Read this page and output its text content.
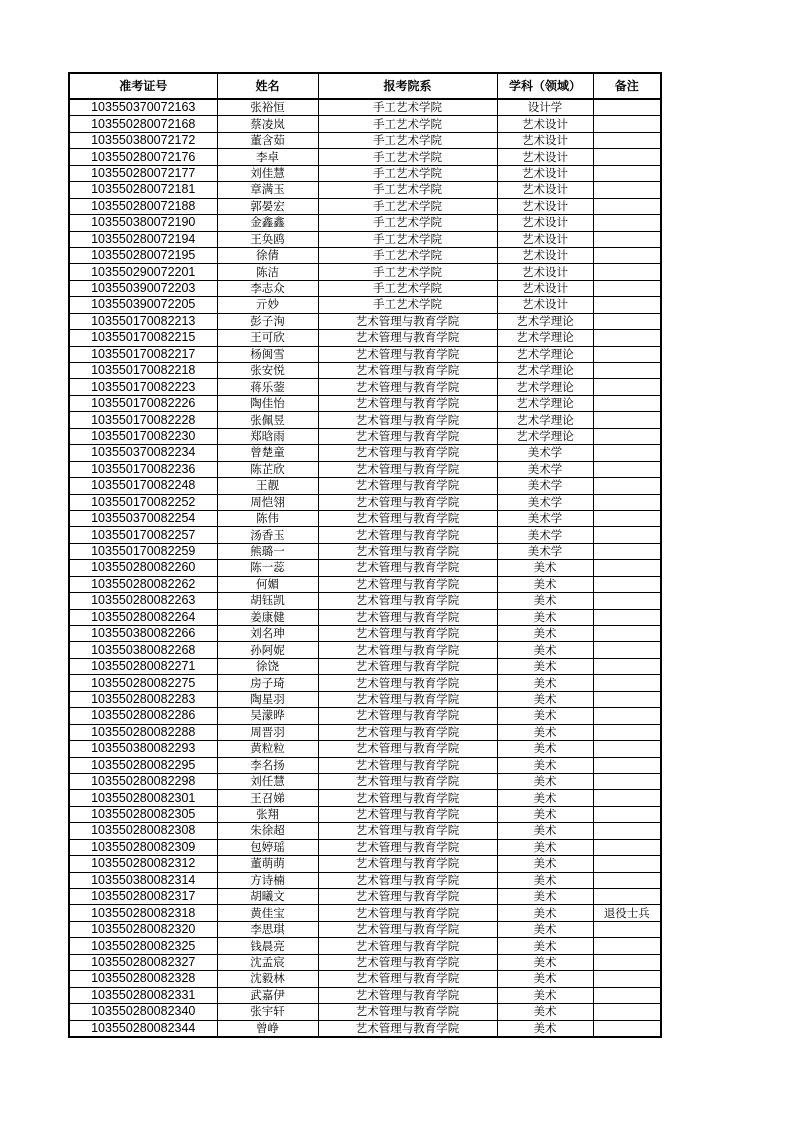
准考证号	姓名	报考院系	学科（领域）	备注
103550370072163	张裕恒	手工艺术学院	设计学	
103550280072168	蔡凌岚	手工艺术学院	艺术设计	
103550380072172	董含茹	手工艺术学院	艺术设计	
103550280072176	李卓	手工艺术学院	艺术设计	
103550280072177	刘佳慧	手工艺术学院	艺术设计	
103550280072181	章满玉	手工艺术学院	艺术设计	
103550280072188	郭晏宏	手工艺术学院	艺术设计	
103550380072190	金鑫鑫	手工艺术学院	艺术设计	
103550280072194	王奂鸥	手工艺术学院	艺术设计	
103550280072195	徐倩	手工艺术学院	艺术设计	
103550290072201	陈洁	手工艺术学院	艺术设计	
103550390072203	李志众	手工艺术学院	艺术设计	
103550390072205	亓妙	手工艺术学院	艺术设计	
103550170082213	彭子洵	艺术管理与教育学院	艺术学理论	
103550170082215	王可欣	艺术管理与教育学院	艺术学理论	
103550170082217	杨闽雪	艺术管理与教育学院	艺术学理论	
103550170082218	张安悦	艺术管理与教育学院	艺术学理论	
103550170082223	蒋乐蓥	艺术管理与教育学院	艺术学理论	
103550170082226	陶佳怡	艺术管理与教育学院	艺术学理论	
103550170082228	张佩昱	艺术管理与教育学院	艺术学理论	
103550170082230	郑晗雨	艺术管理与教育学院	艺术学理论	
103550370082234	曾楚童	艺术管理与教育学院	美术学	
103550170082236	陈芷欣	艺术管理与教育学院	美术学	
103550170082248	王靓	艺术管理与教育学院	美术学	
103550170082252	周恺翎	艺术管理与教育学院	美术学	
103550370082254	陈伟	艺术管理与教育学院	美术学	
103550170082257	汤香玉	艺术管理与教育学院	美术学	
103550170082259	熊璐一	艺术管理与教育学院	美术学	
103550280082260	陈一蕊	艺术管理与教育学院	美术	
103550280082262	何媚	艺术管理与教育学院	美术	
103550280082263	胡钰凯	艺术管理与教育学院	美术	
103550280082264	姜康健	艺术管理与教育学院	美术	
103550380082266	刘名珅	艺术管理与教育学院	美术	
103550380082268	孙阿妮	艺术管理与教育学院	美术	
103550280082271	徐饶	艺术管理与教育学院	美术	
103550280082275	房子琦	艺术管理与教育学院	美术	
103550280082283	陶星羽	艺术管理与教育学院	美术	
103550280082286	吴濛晔	艺术管理与教育学院	美术	
103550280082288	周晋羽	艺术管理与教育学院	美术	
103550380082293	黄粒粒	艺术管理与教育学院	美术	
103550280082295	李名扬	艺术管理与教育学院	美术	
103550280082298	刘任慧	艺术管理与教育学院	美术	
103550280082301	王召娣	艺术管理与教育学院	美术	
103550280082305	张翔	艺术管理与教育学院	美术	
103550280082308	朱徐超	艺术管理与教育学院	美术	
103550280082309	包婷瑶	艺术管理与教育学院	美术	
103550280082312	董萌萌	艺术管理与教育学院	美术	
103550380082314	方诗楠	艺术管理与教育学院	美术	
103550280082317	胡曦文	艺术管理与教育学院	美术	
103550280082318	黄佳宝	艺术管理与教育学院	美术	退役士兵
103550280082320	李思琪	艺术管理与教育学院	美术	
103550280082325	钱晨亮	艺术管理与教育学院	美术	
103550280082327	沈孟宸	艺术管理与教育学院	美术	
103550280082328	沈毅林	艺术管理与教育学院	美术	
103550280082331	武嘉伊	艺术管理与教育学院	美术	
103550280082340	张宇轩	艺术管理与教育学院	美术	
103550280082344	曾峥	艺术管理与教育学院	美术	
